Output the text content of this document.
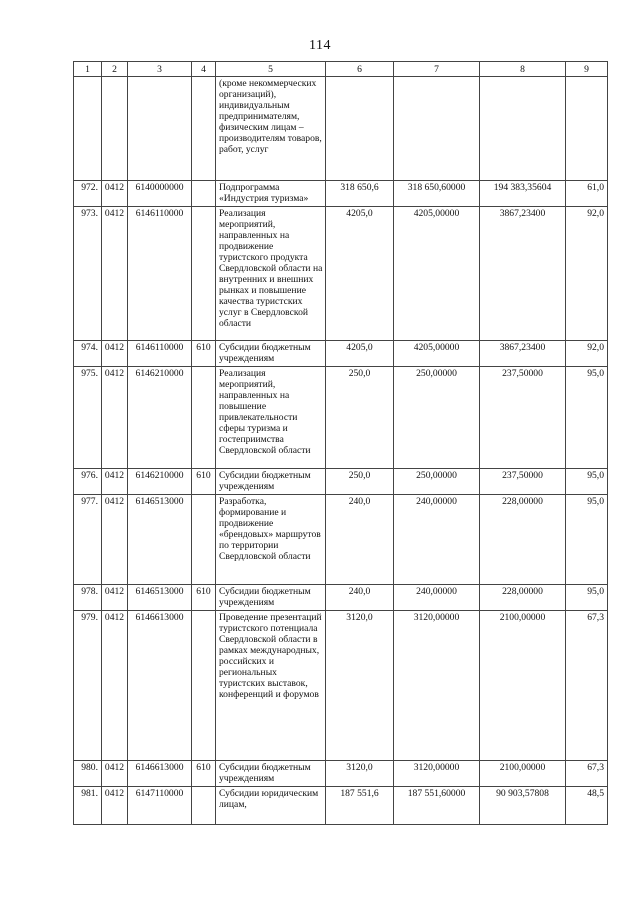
114
1	2	3	4	5	6	7	8	9
				(кроме некоммерческих организаций), индивидуальным предпринимателям, физическим лицам – производителям товаров, работ, услуг				
972.	0412	6140000000		Подпрограмма «Индустрия туризма»	318 650,6	318 650,60000	194 383,35604	61,0
973.	0412	6146110000		Реализация мероприятий, направленных на продвижение туристского продукта Свердловской области на внутренних и внешних рынках и повышение качества туристских услуг в Свердловской области	4205,0	4205,00000	3867,23400	92,0
974.	0412	6146110000	610	Субсидии бюджетным учреждениям	4205,0	4205,00000	3867,23400	92,0
975.	0412	6146210000		Реализация мероприятий, направленных на повышение привлекательности сферы туризма и гостеприимства Свердловской области	250,0	250,00000	237,50000	95,0
976.	0412	6146210000	610	Субсидии бюджетным учреждениям	250,0	250,00000	237,50000	95,0
977.	0412	6146513000		Разработка, формирование и продвижение «брендовых» маршрутов по территории Свердловской области	240,0	240,00000	228,00000	95,0
978.	0412	6146513000	610	Субсидии бюджетным учреждениям	240,0	240,00000	228,00000	95,0
979.	0412	6146613000		Проведение презентаций туристского потенциала Свердловской области в рамках международных, российских и региональных туристских выставок, конференций и форумов	3120,0	3120,00000	2100,00000	67,3
980.	0412	6146613000	610	Субсидии бюджетным учреждениям	3120,0	3120,00000	2100,00000	67,3
981.	0412	6147110000		Субсидии юридическим лицам,	187 551,6	187 551,60000	90 903,57808	48,5
